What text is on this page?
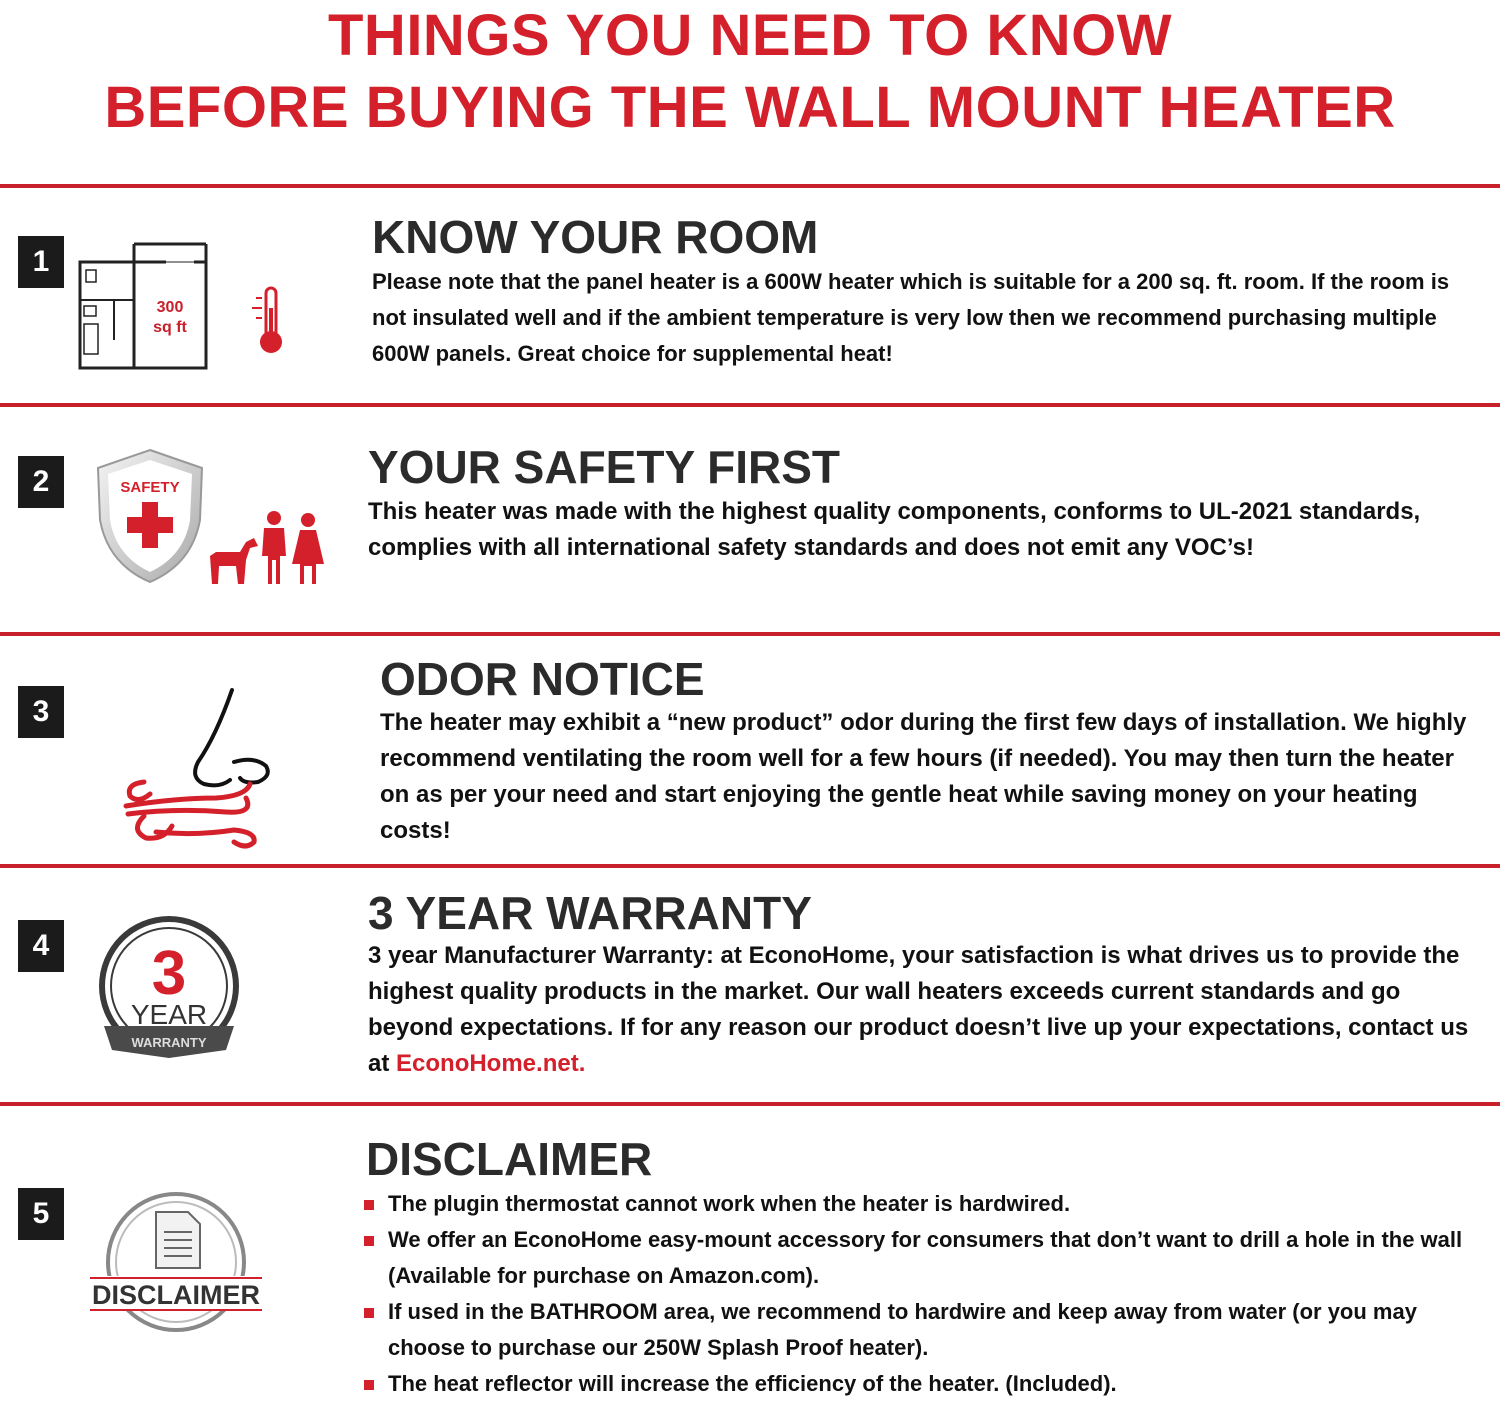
THINGS YOU NEED TO KNOW
BEFORE BUYING THE WALL MOUNT HEATER
1
300
sq ft
KNOW YOUR ROOM
Please note that the panel heater is a 600W heater which is suitable for a 200 sq. ft. room. If the room is not insulated well and if the ambient temperature is very low then we recommend purchasing multiple 600W panels. Great choice for supplemental heat!
2	SAFETY	YOUR SAFETY FIRST
This heater was made with the highest quality components, conforms to UL-2021 standards, complies with all international safety standards and does not emit any VOC’s!
3
ODOR NOTICE
The heater may exhibit a “new product” odor during the first few days of installation. We highly recommend ventilating the room well for a few hours (if needed). You may then turn the heater on as per your need and start enjoying the gentle heat while saving money on your heating costs!
4 3
YEAR
WARRANTY
3 YEAR WARRANTY
3 year Manufacturer Warranty: at EconoHome, your satisfaction is what drives us to provide the highest quality products in the market. Our wall heaters exceeds current standards and go beyond expectations. If for any reason our product doesn’t live up your expectations, contact us at EconoHome.net.
5
DISCLAIMER
DISCLAIMER
The plugin thermostat cannot work when the heater is hardwired.
We offer an EconoHome easy-mount accessory for consumers that don’t want to drill a hole in the wall (Available for purchase on Amazon.com).
If used in the BATHROOM area, we recommend to hardwire and keep away from water (or you may choose to purchase our 250W Splash Proof heater).
The heat reflector will increase the efficiency of the heater. (Included).
